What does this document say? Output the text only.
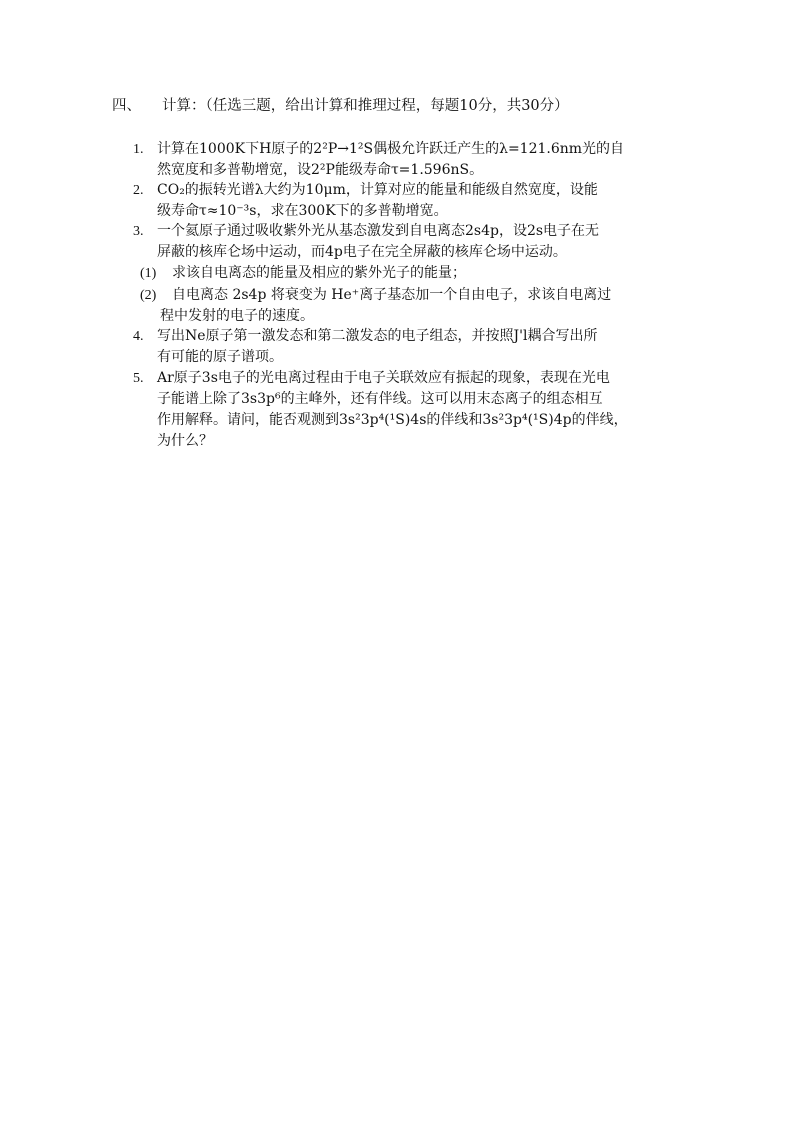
四、 计算：（任选三题，给出计算和推理过程，每题10分，共30分）
1. 计算在1000K下H原子的2²P→1²S偶极允许跃迁产生的λ=121.6nm光的自
然宽度和多普勒增宽，设2²P能级寿命τ=1.596nS。
2. CO₂的振转光谱λ大约为10μm，计算对应的能量和能级自然宽度，设能
级寿命τ≈10⁻³s，求在300K下的多普勒增宽。
3. 一个氦原子通过吸收紫外光从基态激发到自电离态2s4p，设2s电子在无
屏蔽的核库仑场中运动，而4p电子在完全屏蔽的核库仑场中运动。
(1)	求该自电离态的能量及相应的紫外光子的能量；
(2)	自电离态 2s4p 将衰变为 He⁺离子基态加一个自由电子，求该自电离过
程中发射的电子的速度。
4. 写出Ne原子第一激发态和第二激发态的电子组态，并按照J'l耦合写出所
有可能的原子谱项。
5. Ar原子3s电子的光电离过程由于电子关联效应有振起的现象，表现在光电
子能谱上除了3s3p⁶的主峰外，还有伴线。这可以用末态离子的组态相互
作用解释。请问，能否观测到3s²3p⁴(¹S)4s的伴线和3s²3p⁴(¹S)4p的伴线，
为什么？
